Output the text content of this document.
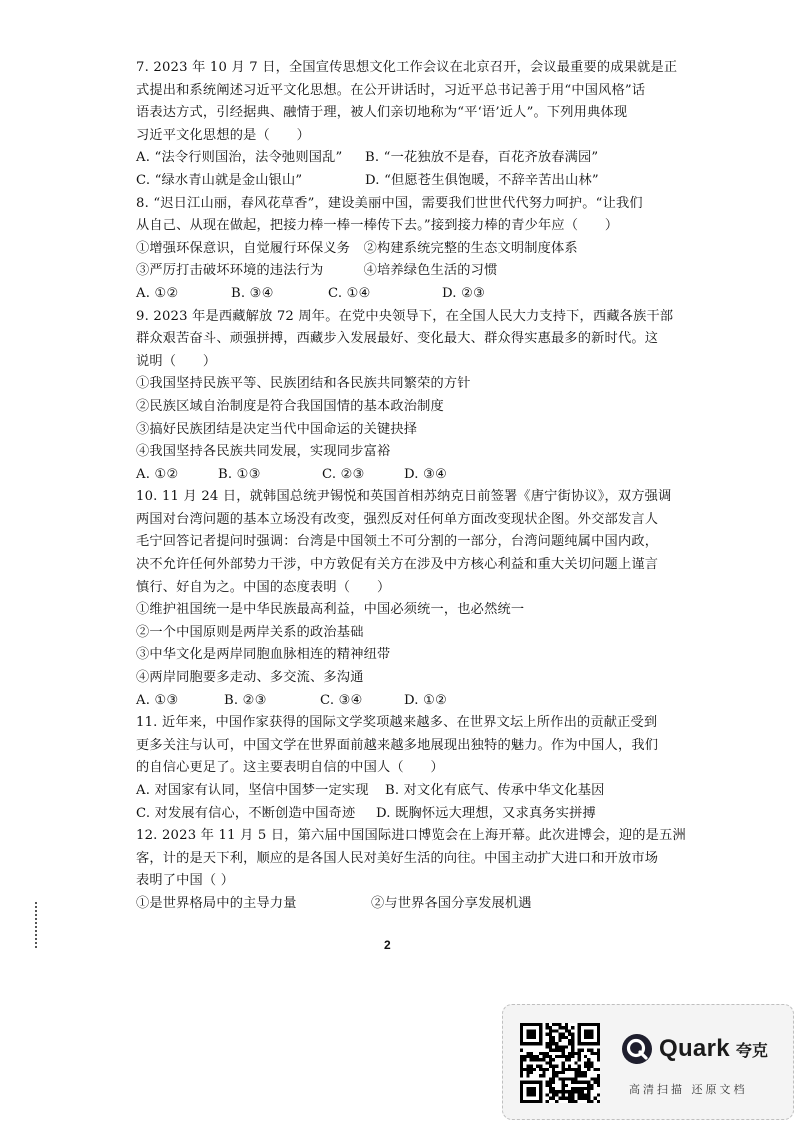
7. 2023 年 10 月 7 日，全国宣传思想文化工作会议在北京召开，会议最重要的成果就是正
式提出和系统阐述习近平文化思想。在公开讲话时，习近平总书记善于用“中国风格”话
语表达方式，引经据典、融情于理，被人们亲切地称为“平‘语’近人”。下列用典体现
习近平文化思想的是（　　）
A. “法令行则国治，法令弛则国乱”	B. “一花独放不是春，百花齐放春满园”
C. “绿水青山就是金山银山”	D. “但愿苍生俱饱暖，不辞辛苦出山林”
8. “迟日江山丽，春风花草香”，建设美丽中国，需要我们世世代代努力呵护。“让我们
从自己、从现在做起，把接力棒一棒一棒传下去。”接到接力棒的青少年应（　　）
①增强环保意识，自觉履行环保义务　②构建系统完整的生态文明制度体系
③严厉打击破坏环境的违法行为　　　④培养绿色生活的习惯
A. ①②	B. ③④	C. ①④	D. ②③
9. 2023 年是西藏解放 72 周年。在党中央领导下，在全国人民大力支持下，西藏各族干部
群众艰苦奋斗、顽强拼搏，西藏步入发展最好、变化最大、群众得实惠最多的新时代。这
说明（　　）
①我国坚持民族平等、民族团结和各民族共同繁荣的方针
②民族区域自治制度是符合我国国情的基本政治制度
③搞好民族团结是决定当代中国命运的关键抉择
④我国坚持各民族共同发展，实现同步富裕
A. ①②	B. ①③	C. ②③	D. ③④
10. 11 月 24 日，就韩国总统尹锡悦和英国首相苏纳克日前签署《唐宁街协议》，双方强调
两国对台湾问题的基本立场没有改变，强烈反对任何单方面改变现状企图。外交部发言人
毛宁回答记者提问时强调：台湾是中国领土不可分割的一部分，台湾问题纯属中国内政，
决不允许任何外部势力干涉，中方敦促有关方在涉及中方核心利益和重大关切问题上谨言
慎行、好自为之。中国的态度表明（　　）
①维护祖国统一是中华民族最高利益，中国必须统一，也必然统一
②一个中国原则是两岸关系的政治基础
③中华文化是两岸同胞血脉相连的精神纽带
④两岸同胞要多走动、多交流、多沟通
A. ①③	B. ②③	C. ③④	D. ①②
11. 近年来，中国作家获得的国际文学奖项越来越多、在世界文坛上所作出的贡献正受到
更多关注与认可，中国文学在世界面前越来越多地展现出独特的魅力。作为中国人，我们
的自信心更足了。这主要表明自信的中国人（　　）
A. 对国家有认同，坚信中国梦一定实现	B. 对文化有底气、传承中华文化基因
C. 对发展有信心，不断创造中国奇迹	D. 既胸怀远大理想，又求真务实拼搏
12. 2023 年 11 月 5 日，第六届中国国际进口博览会在上海开幕。此次进博会，迎的是五洲
客，计的是天下利，顺应的是各国人民对美好生活的向往。中国主动扩大进口和开放市场
表明了中国（ ）
①是世界格局中的主导力量	②与世界各国分享发展机遇
2
Quark 夸克
高清扫描 还原文档
